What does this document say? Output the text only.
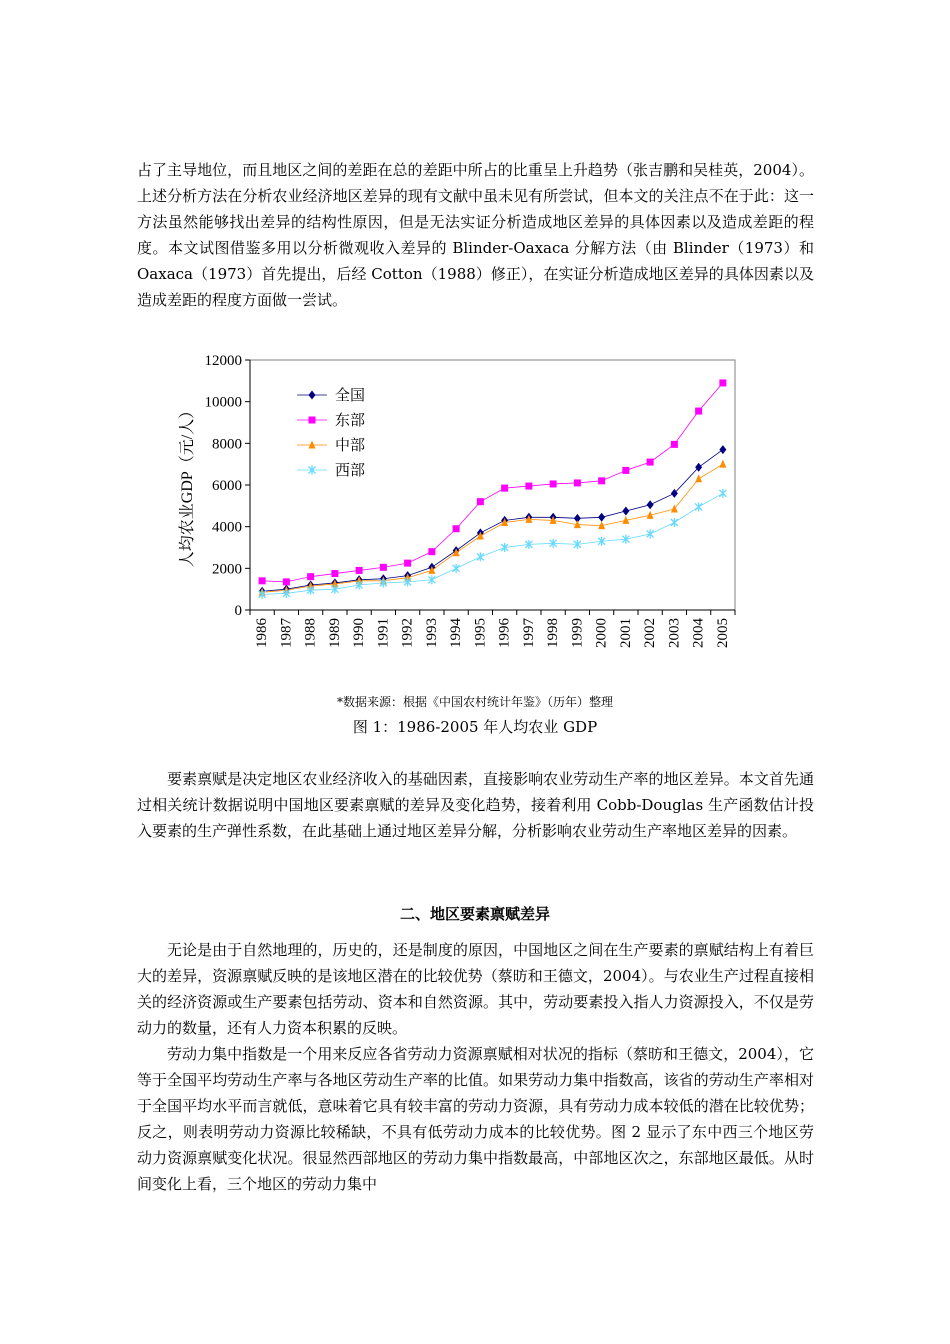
占了主导地位，而且地区之间的差距在总的差距中所占的比重呈上升趋势（张吉鹏和吴桂英，2004）。上述分析方法在分析农业经济地区差异的现有文献中虽未见有所尝试，但本文的关注点不在于此：这一方法虽然能够找出差异的结构性原因，但是无法实证分析造成地区差异的具体因素以及造成差距的程度。本文试图借鉴多用以分析微观收入差异的 Blinder-Oaxaca 分解方法（由 Blinder（1973）和 Oaxaca（1973）首先提出，后经 Cotton（1988）修正），在实证分析造成地区差异的具体因素以及造成差距的程度方面做一尝试。

人均农业GDP（元/人）
0
2000
4000
6000
8000
10000
12000
1986 1987 1988 1989 1990 1991 1992 1993 1994 1995 1996 1997 1998 1999 2000 2001 2002 2003 2004 2005
全国
东部
中部
西部
*数据来源：根据《中国农村统计年鉴》（历年）整理
图 1：1986-2005 年人均农业 GDP

要素禀赋是决定地区农业经济收入的基础因素，直接影响农业劳动生产率的地区差异。本文首先通过相关统计数据说明中国地区要素禀赋的差异及变化趋势，接着利用 Cobb-Douglas 生产函数估计投入要素的生产弹性系数，在此基础上通过地区差异分解，分析影响农业劳动生产率地区差异的因素。

二、地区要素禀赋差异

无论是由于自然地理的，历史的，还是制度的原因，中国地区之间在生产要素的禀赋结构上有着巨大的差异，资源禀赋反映的是该地区潜在的比较优势（蔡昉和王德文，2004）。与农业生产过程直接相关的经济资源或生产要素包括劳动、资本和自然资源。其中，劳动要素投入指人力资源投入，不仅是劳动力的数量，还有人力资本积累的反映。

劳动力集中指数是一个用来反应各省劳动力资源禀赋相对状况的指标（蔡昉和王德文，2004），它等于全国平均劳动生产率与各地区劳动生产率的比值。如果劳动力集中指数高，该省的劳动生产率相对于全国平均水平而言就低，意味着它具有较丰富的劳动力资源，具有劳动力成本较低的潜在比较优势；反之，则表明劳动力资源比较稀缺，不具有低劳动力成本的比较优势。图 2 显示了东中西三个地区劳动力资源禀赋变化状况。很显然西部地区的劳动力集中指数最高，中部地区次之，东部地区最低。从时间变化上看，三个地区的劳动力集中
